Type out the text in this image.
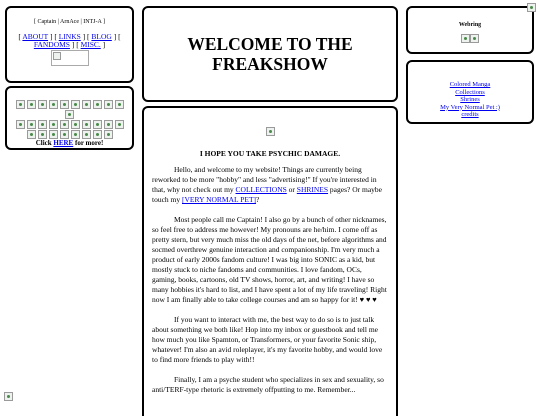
[ Captain | ArnAce | INTJ-A ]
[ ABOUT ] [ LINKS ] [ BLOG ] [ FANDOMS ] [ MISC. ]
Click HERE for more!
WELCOME TO THE FREAKSHOW
I HOPE YOU TAKE PSYCHIC DAMAGE.

Hello, and welcome to my website! Things are currently being reworked to be more "hobby" and less "advertising!" If you're interested in that, why not check out my COLLECTIONS or SHRINES pages? Or maybe touch my [VERY NORMAL PET]?

Most people call me Captain! I also go by a bunch of other nicknames, so feel free to address me however! My pronouns are he/him. I come off as pretty stern, but very much miss the old days of the net, before algorithms and socmed overthrew genuine interaction and companionship. I'm very much a product of early 2000s fandom culture! I was big into SONIC as a kid, but mostly stuck to niche fandoms and communities. I love fandom, OCs, gaming, books, cartoons, old TV shows, horror, art, and writing! I have so many hobbies it's hard to list, and I have spent a lot of my life traveling! Right now I am finally able to take college courses and am so happy for it! ♥ ♥ ♥

If you want to interact with me, the best way to do so is to just talk about something we both like! Hop into my inbox or guestbook and tell me how much you like Spamton, or Transformers, or your favorite Sonic ship, whatever! I'm also an avid roleplayer, it's my favorite hobby, and would love to find more friends to play with!!

Finally, I am a psyche student who specializes in sex and sexuality, so anti/TERF-type rhetoric is extremely offputting to me. Remember...

Webring
Colored Manga
Collections
Shrines
My Very Normal Pet :)
credits
